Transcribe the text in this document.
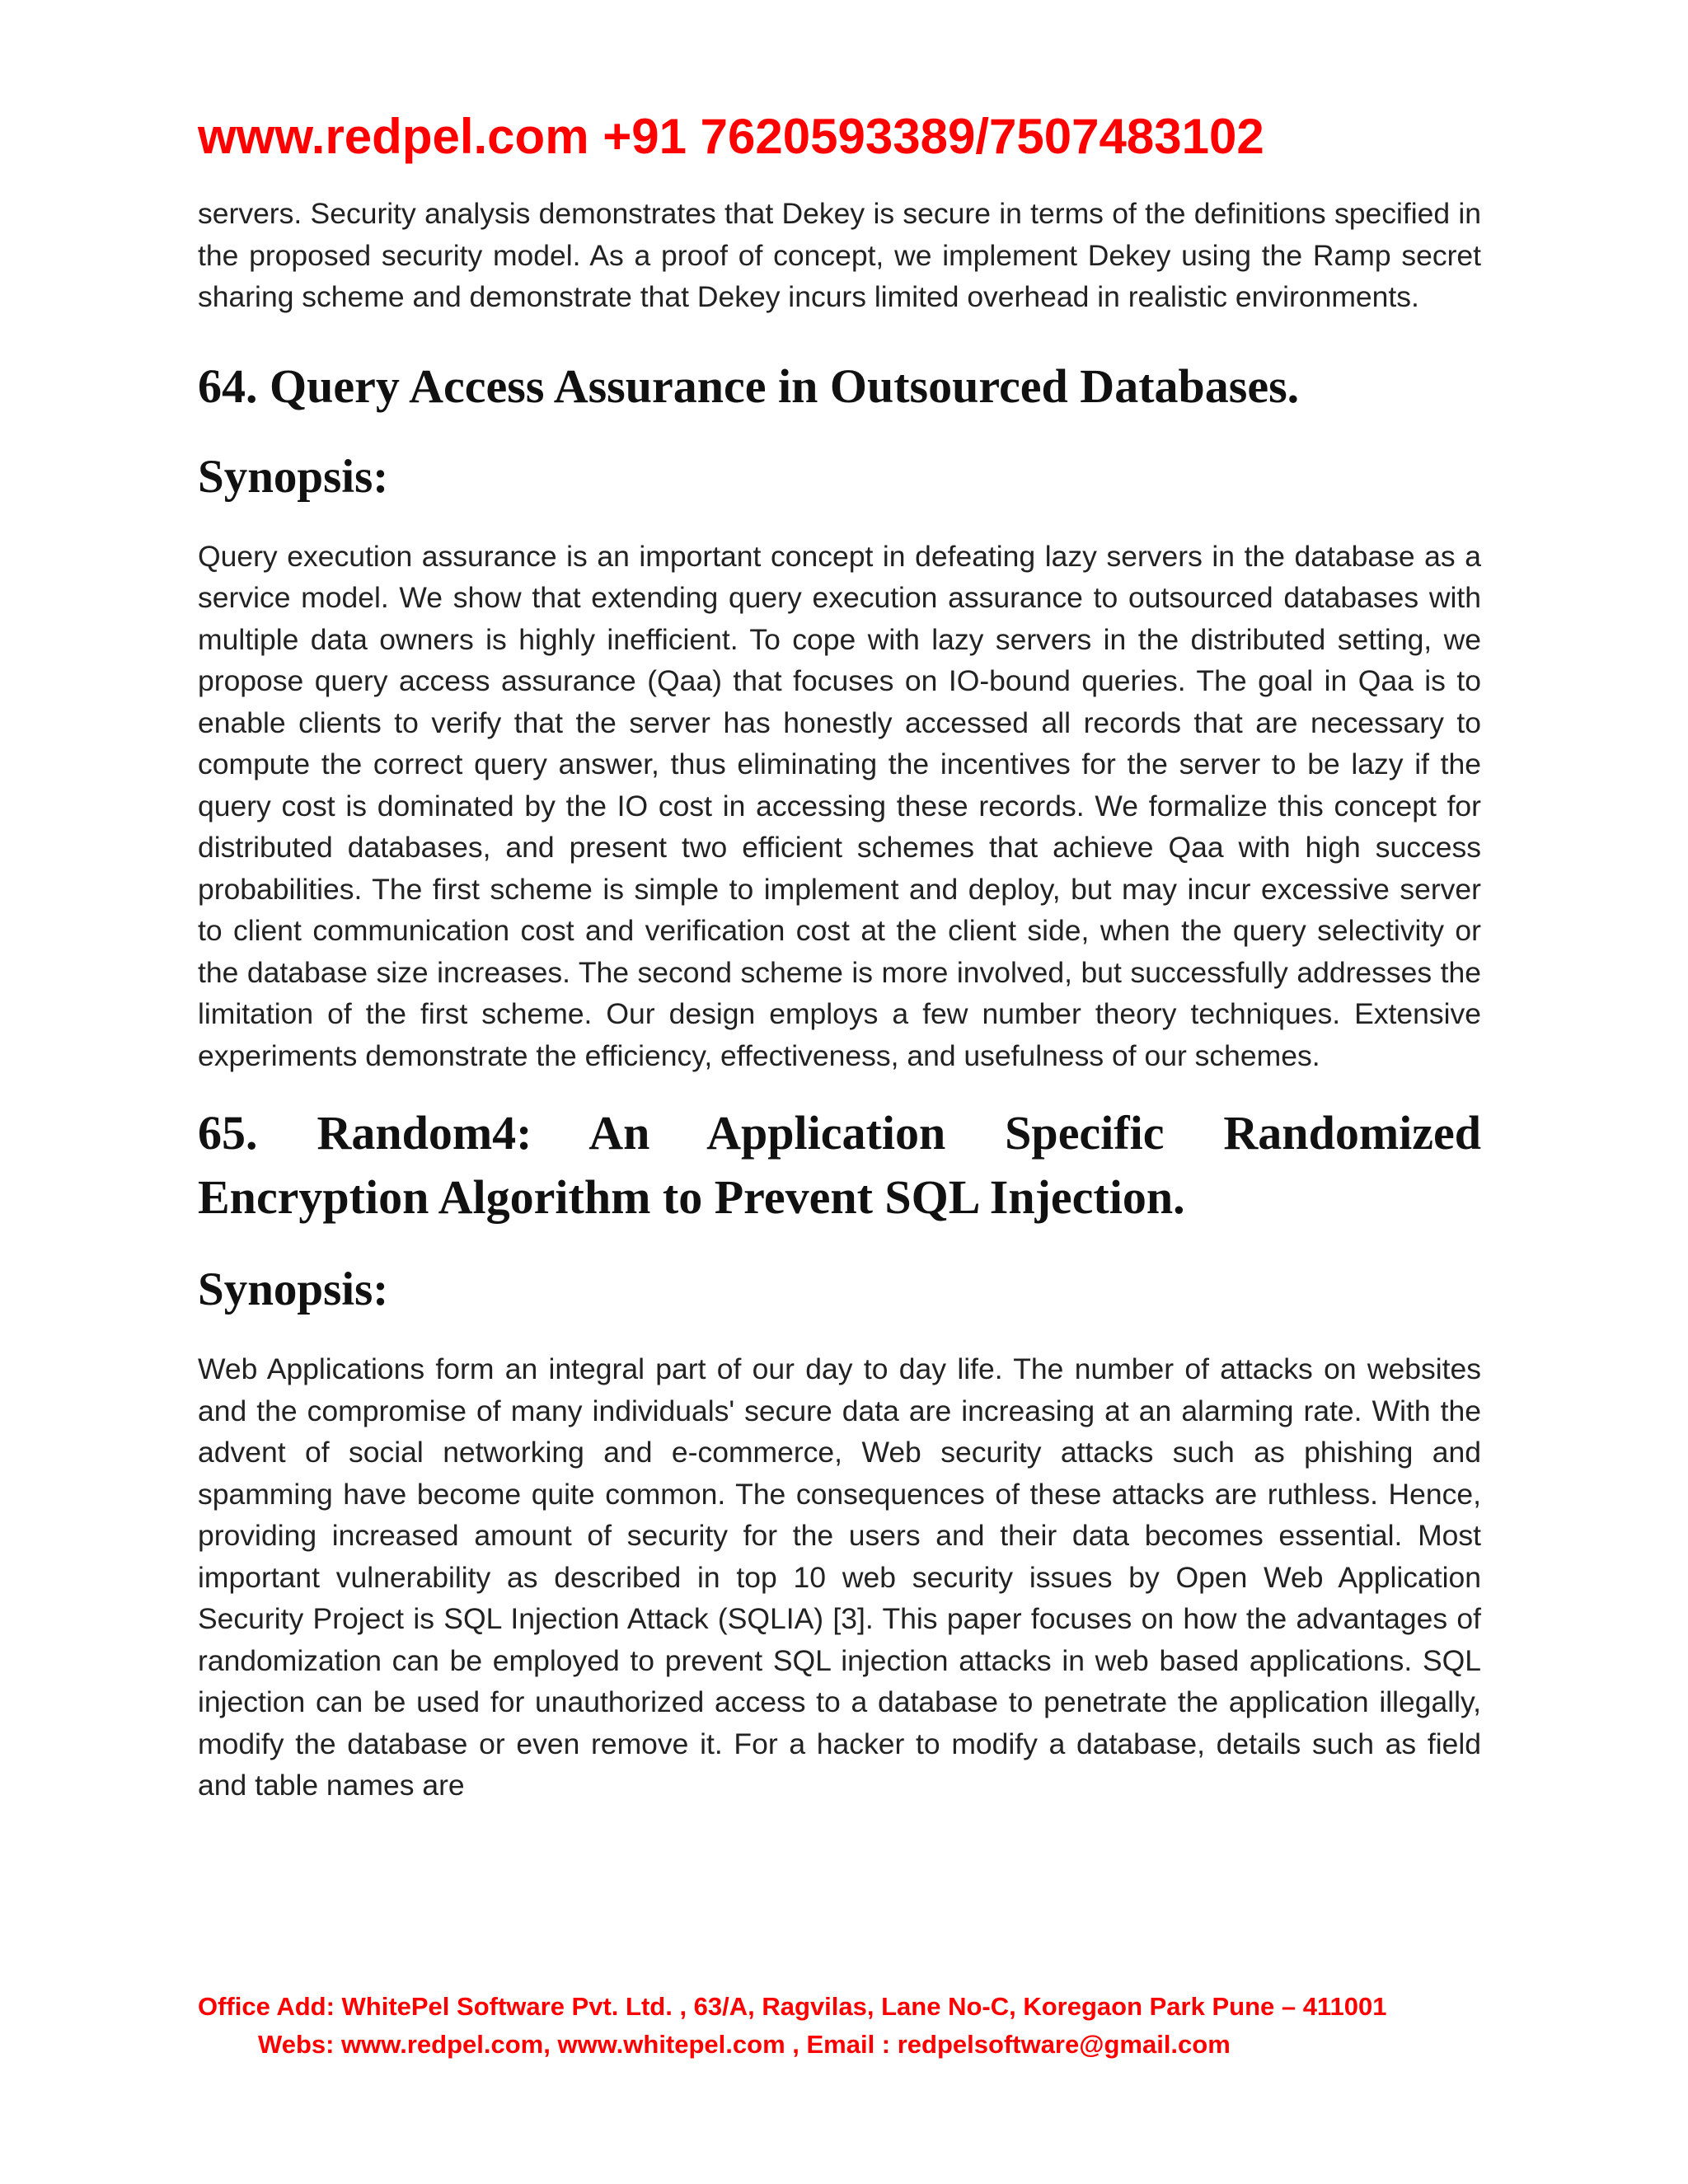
www.redpel.com +91 7620593389/7507483102

servers. Security analysis demonstrates that Dekey is secure in terms of the definitions specified in the proposed security model. As a proof of concept, we implement Dekey using the Ramp secret sharing scheme and demonstrate that Dekey incurs limited overhead in realistic environments.

64. Query Access Assurance in Outsourced Databases.
Synopsis:

Query execution assurance is an important concept in defeating lazy servers in the database as a service model. We show that extending query execution assurance to outsourced databases with multiple data owners is highly inefficient. To cope with lazy servers in the distributed setting, we propose query access assurance (Qaa) that focuses on IO-bound queries. The goal in Qaa is to enable clients to verify that the server has honestly accessed all records that are necessary to compute the correct query answer, thus eliminating the incentives for the server to be lazy if the query cost is dominated by the IO cost in accessing these records. We formalize this concept for distributed databases, and present two efficient schemes that achieve Qaa with high success probabilities. The first scheme is simple to implement and deploy, but may incur excessive server to client communication cost and verification cost at the client side, when the query selectivity or the database size increases. The second scheme is more involved, but successfully addresses the limitation of the first scheme. Our design employs a few number theory techniques. Extensive experiments demonstrate the efficiency, effectiveness, and usefulness of our schemes.

65. Random4: An Application Specific Randomized Encryption Algorithm to Prevent SQL Injection.
Synopsis:

Web Applications form an integral part of our day to day life. The number of attacks on websites and the compromise of many individuals' secure data are increasing at an alarming rate. With the advent of social networking and e-commerce, Web security attacks such as phishing and spamming have become quite common. The consequences of these attacks are ruthless. Hence, providing increased amount of security for the users and their data becomes essential. Most important vulnerability as described in top 10 web security issues by Open Web Application Security Project is SQL Injection Attack (SQLIA) [3]. This paper focuses on how the advantages of randomization can be employed to prevent SQL injection attacks in web based applications. SQL injection can be used for unauthorized access to a database to penetrate the application illegally, modify the database or even remove it. For a hacker to modify a database, details such as field and table names are

Office Add: WhitePel Software Pvt. Ltd. , 63/A, Ragvilas, Lane No-C, Koregaon Park Pune – 411001
Webs: www.redpel.com, www.whitepel.com , Email : redpelsoftware@gmail.com
